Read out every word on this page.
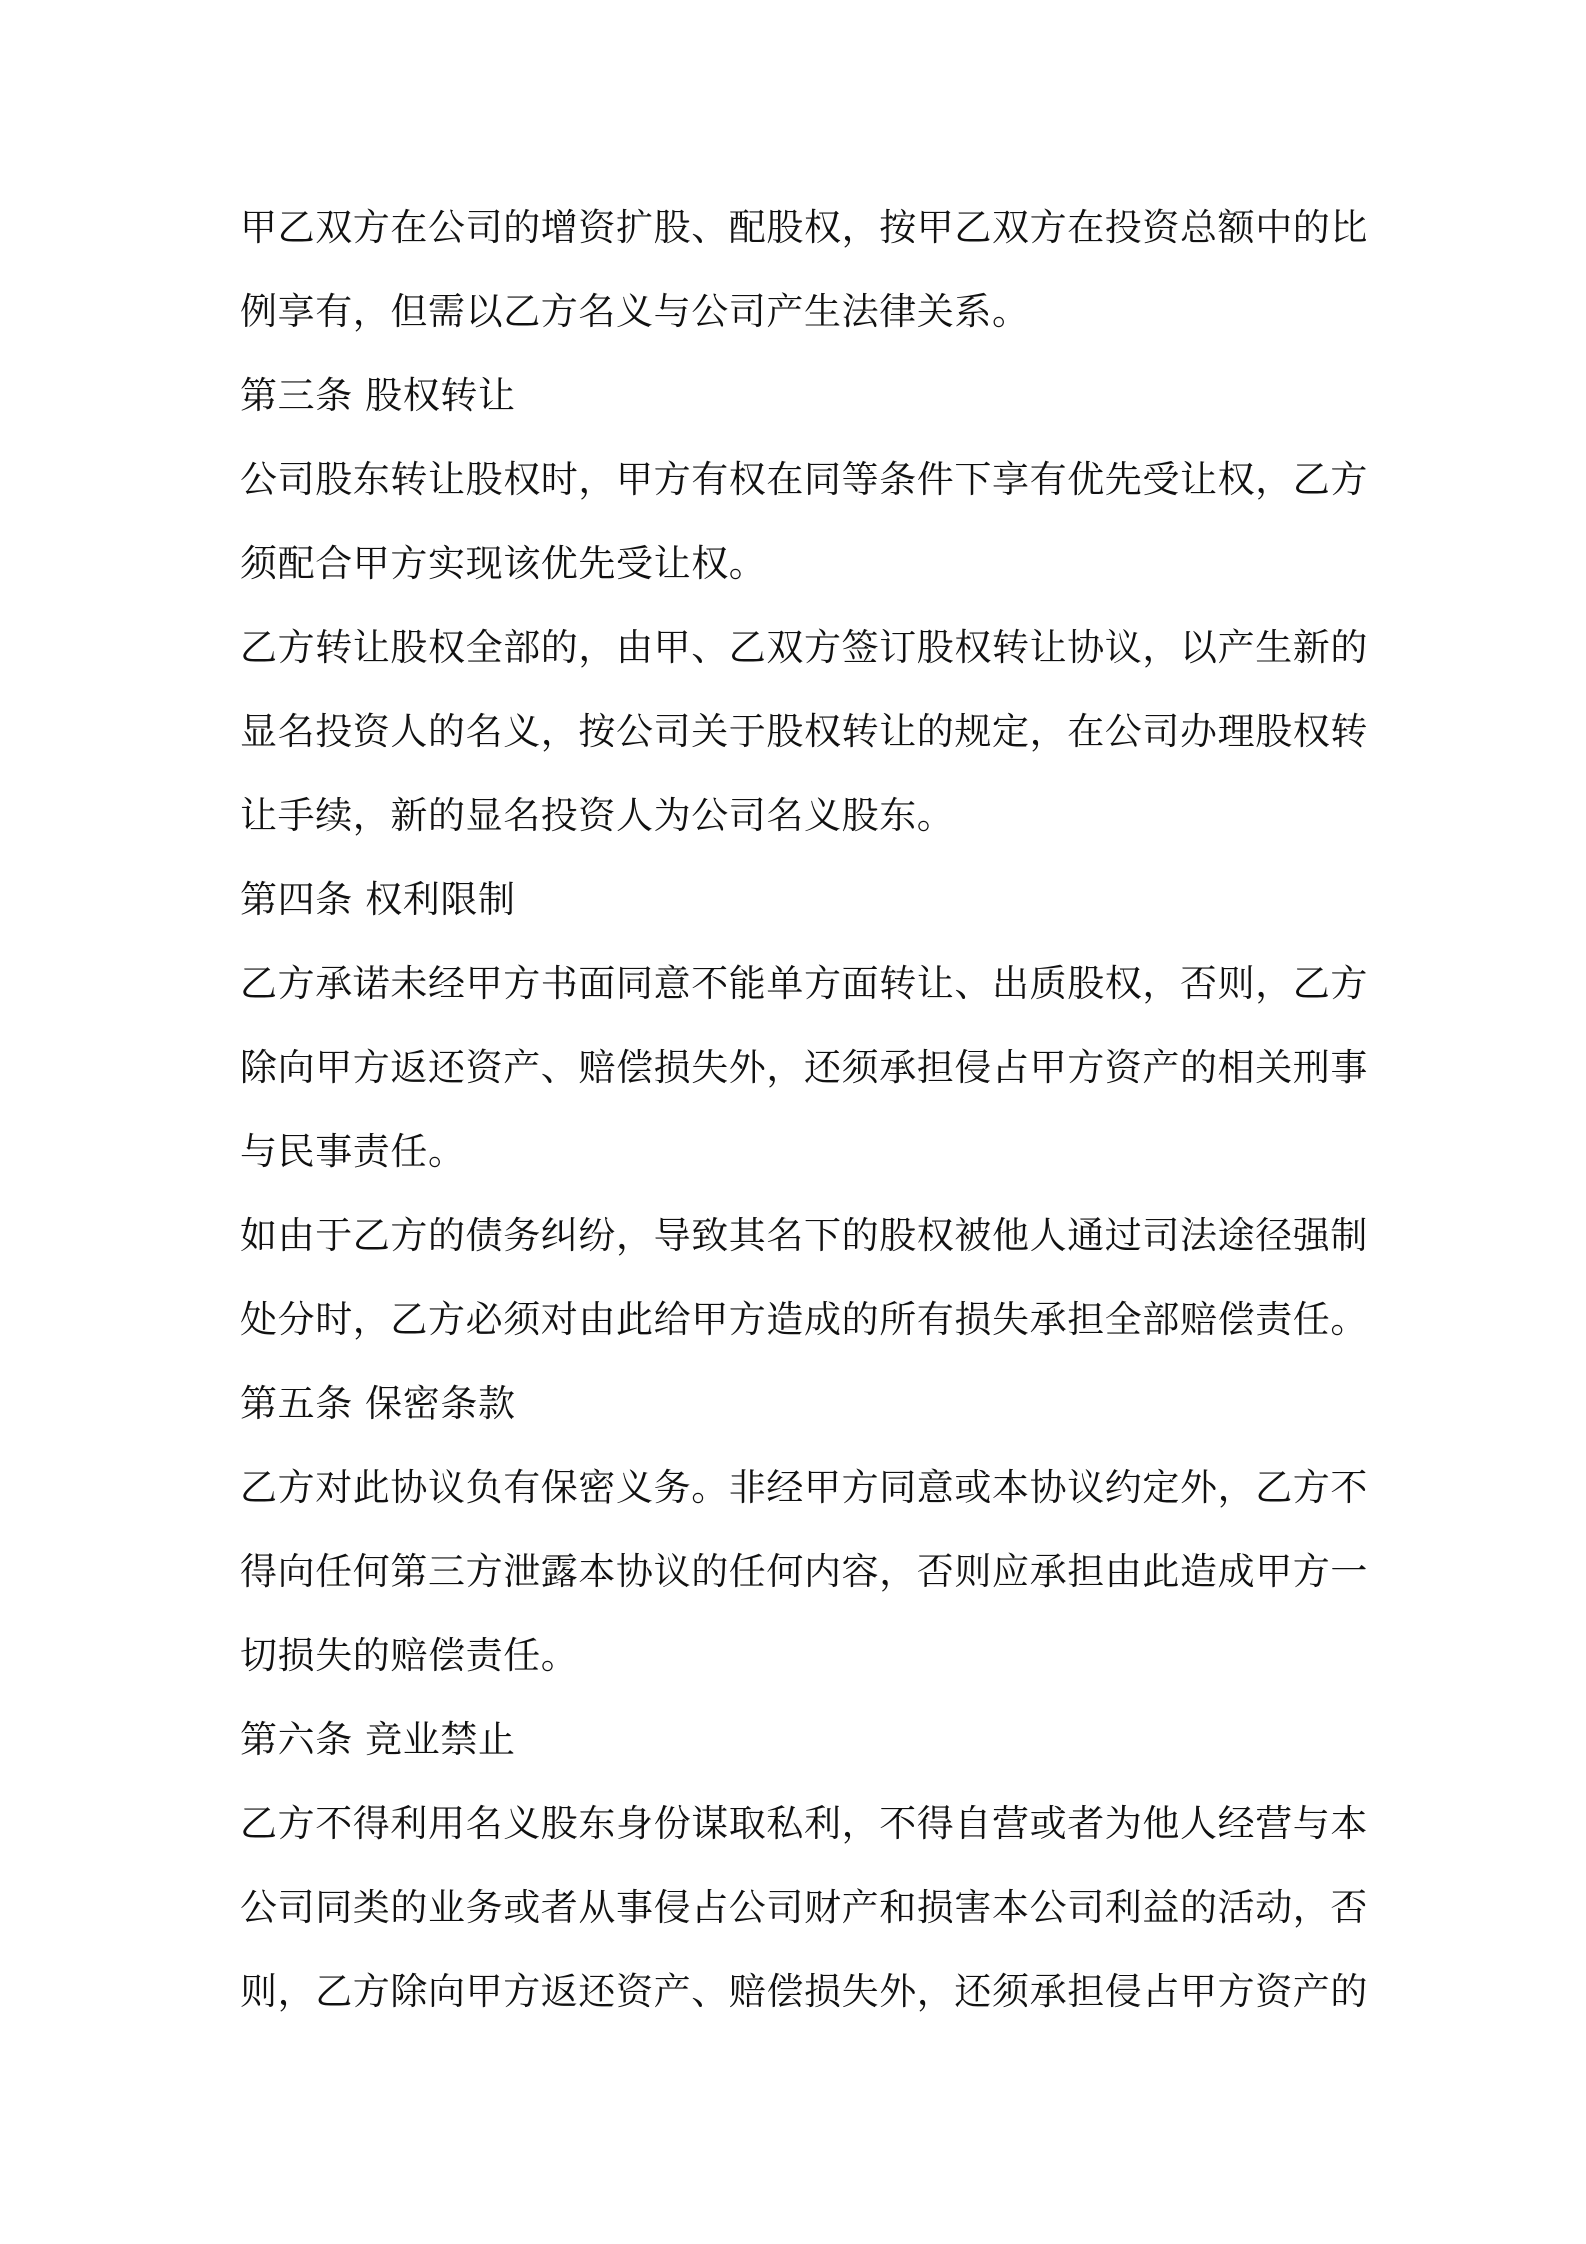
甲乙双方在公司的增资扩股、配股权，按甲乙双方在投资总额中的比
例享有，但需以乙方名义与公司产生法律关系。
第三条 股权转让
公司股东转让股权时，甲方有权在同等条件下享有优先受让权，乙方
须配合甲方实现该优先受让权。
乙方转让股权全部的，由甲、乙双方签订股权转让协议，以产生新的
显名投资人的名义，按公司关于股权转让的规定，在公司办理股权转
让手续，新的显名投资人为公司名义股东。
第四条 权利限制
乙方承诺未经甲方书面同意不能单方面转让、出质股权，否则，乙方
除向甲方返还资产、赔偿损失外，还须承担侵占甲方资产的相关刑事
与民事责任。
如由于乙方的债务纠纷，导致其名下的股权被他人通过司法途径强制
处分时，乙方必须对由此给甲方造成的所有损失承担全部赔偿责任。
第五条 保密条款
乙方对此协议负有保密义务。非经甲方同意或本协议约定外，乙方不
得向任何第三方泄露本协议的任何内容，否则应承担由此造成甲方一
切损失的赔偿责任。
第六条 竞业禁止
乙方不得利用名义股东身份谋取私利，不得自营或者为他人经营与本
公司同类的业务或者从事侵占公司财产和损害本公司利益的活动，否
则，乙方除向甲方返还资产、赔偿损失外，还须承担侵占甲方资产的
